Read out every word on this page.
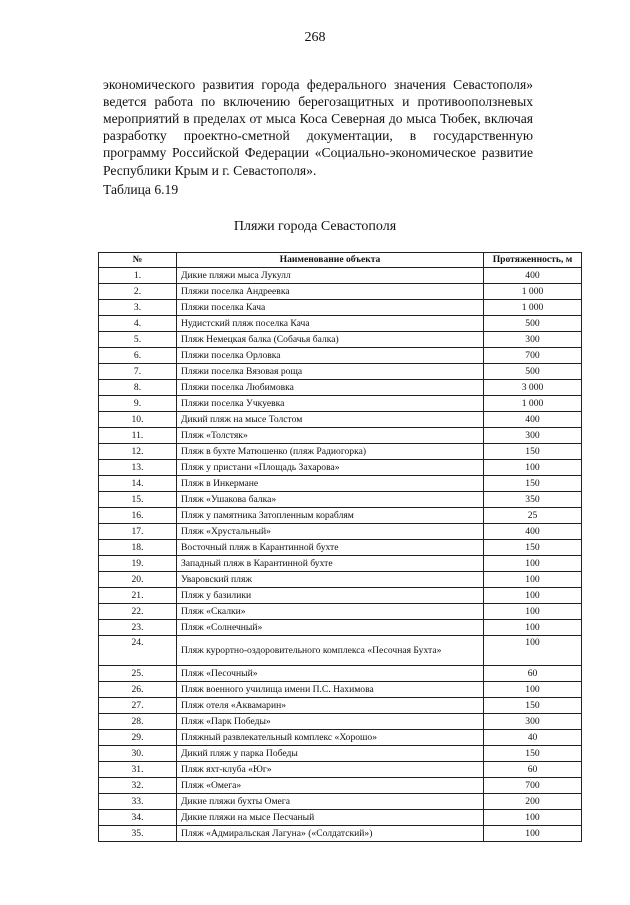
268

экономического развития города федерального значения Севастополя» ведется работа по включению берегозащитных и противооползневых мероприятий в пределах от мыса Коса Северная до мыса Тюбек, включая разработку проектно-сметной документации, в государственную программу Российской Федерации «Социально-экономическое развитие Республики Крым и г. Севастополя».

Таблица 6.19
Пляжи города Севастополя
№	Наименование объекта	Протяженность, м
1.	Дикие пляжи мыса Лукулл	400
2.	Пляжи поселка Андреевка	1 000
3.	Пляжи поселка Кача	1 000
4.	Нудистский пляж поселка Кача	500
5.	Пляж Немецкая балка (Собачья балка)	300
6.	Пляжи поселка Орловка	700
7.	Пляжи поселка Вязовая роща	500
8.	Пляжи поселка Любимовка	3 000
9.	Пляжи поселка Учкуевка	1 000
10.	Дикий пляж на мысе Толстом	400
11.	Пляж «Толстяк»	300
12.	Пляж в бухте Матюшенко (пляж Радиогорка)	150
13.	Пляж у пристани «Площадь Захарова»	100
14.	Пляж в Инкермане	150
15.	Пляж «Ушакова балка»	350
16.	Пляж у памятника Затопленным кораблям	25
17.	Пляж «Хрустальный»	400
18.	Восточный пляж в Карантинной бухте	150
19.	Западный пляж в Карантинной бухте	100
20.	Уваровский пляж	100
21.	Пляж у базилики	100
22.	Пляж «Скалки»	100
23.	Пляж «Солнечный»	100
24.	Пляж курортно-оздоровительного комплекса «Песочная Бухта»	100
25.	Пляж «Песочный»	60
26.	Пляж военного училища имени П.С. Нахимова	100
27.	Пляж отеля «Аквамарин»	150
28.	Пляж «Парк Победы»	300
29.	Пляжный развлекательный комплекс «Хорошо»	40
30.	Дикий пляж у парка Победы	150
31.	Пляж яхт-клуба «Юг»	60
32.	Пляж «Омега»	700
33.	Дикие пляжи бухты Омега	200
34.	Дикие пляжи на мысе Песчаный	100
35.	Пляж «Адмиральская Лагуна» («Солдатский»)	100
